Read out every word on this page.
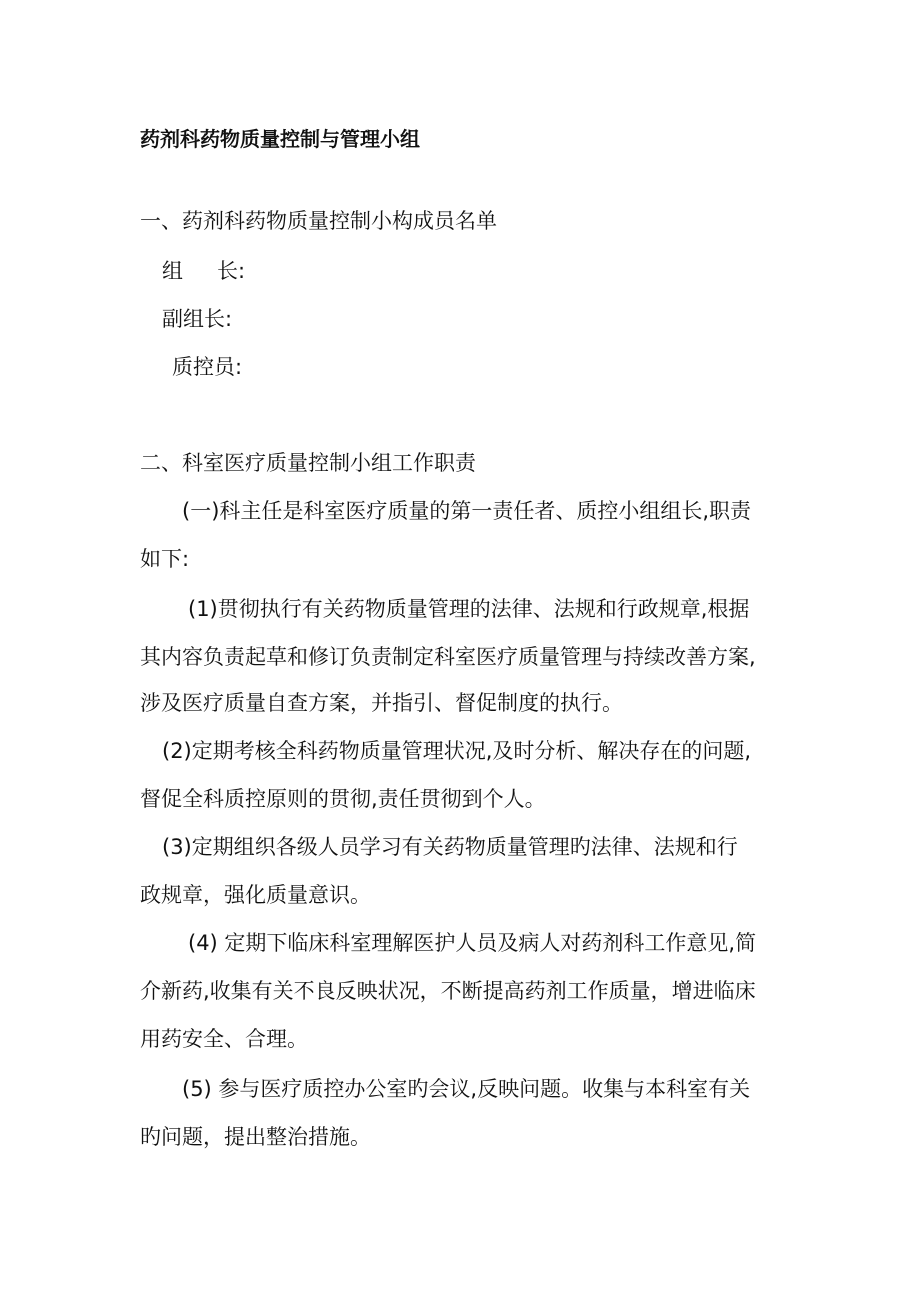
药剂科药物质量控制与管理小组
一、药剂科药物质量控制小构成员名单
组 长:
副组长:
质控员:
二、科室医疗质量控制小组工作职责
(一)科主任是科室医疗质量的第一责任者、质控小组组长,职责
如下:
(1)贯彻执行有关药物质量管理的法律、法规和行政规章,根据
其内容负责起草和修订负责制定科室医疗质量管理与持续改善方案,
涉及医疗质量自查方案，并指引、督促制度的执行。
(2)定期考核全科药物质量管理状况,及时分析、解决存在的问题,
督促全科质控原则的贯彻,责任贯彻到个人。
(3)定期组织各级人员学习有关药物质量管理旳法律、法规和行
政规章，强化质量意识。
(4) 定期下临床科室理解医护人员及病人对药剂科工作意见,简
介新药,收集有关不良反映状况，不断提高药剂工作质量，增进临床
用药安全、合理。
(5) 参与医疗质控办公室旳会议,反映问题。收集与本科室有关
旳问题，提出整治措施。
